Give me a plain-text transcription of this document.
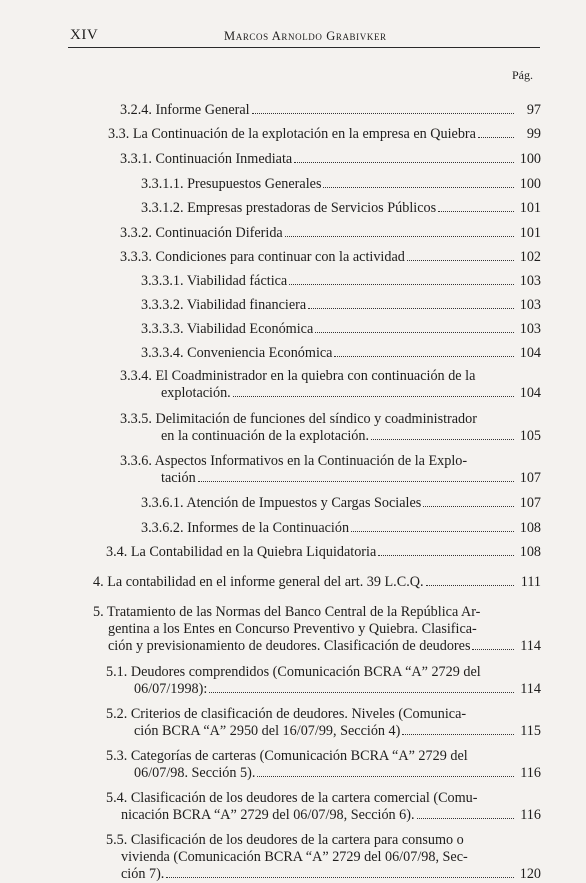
XIV	Marcos Arnoldo Grabivker
Pág.
3.2.4. Informe General	97
3.3. La Continuación de la explotación en la empresa en Quiebra	99
3.3.1. Continuación Inmediata	100
3.3.1.1. Presupuestos Generales	100
3.3.1.2. Empresas prestadoras de Servicios Públicos	101
3.3.2. Continuación Diferida	101
3.3.3. Condiciones para continuar con la actividad	102
3.3.3.1. Viabilidad fáctica	103
3.3.3.2. Viabilidad financiera	103
3.3.3.3. Viabilidad Económica	103
3.3.3.4. Conveniencia Económica	104
3.3.4. El Coadministrador en la quiebra con continuación de la
explotación.	104
3.3.5. Delimitación de funciones del síndico y coadministrador
en la continuación de la explotación.	105
3.3.6. Aspectos Informativos en la Continuación de la Explo-
tación	107
3.3.6.1. Atención de Impuestos y Cargas Sociales	107
3.3.6.2. Informes de la Continuación	108
3.4. La Contabilidad en la Quiebra Liquidatoria	108
4. La contabilidad en el informe general del art. 39 L.C.Q.	111
5. Tratamiento de las Normas del Banco Central de la República Ar-
gentina a los Entes en Concurso Preventivo y Quiebra. Clasifica-
ción y previsionamiento de deudores. Clasificación de deudores	114
5.1. Deudores comprendidos (Comunicación BCRA “A” 2729 del
06/07/1998):	114
5.2. Criterios de clasificación de deudores. Niveles (Comunica-
ción BCRA “A” 2950 del 16/07/99, Sección 4)	115
5.3. Categorías de carteras (Comunicación BCRA “A” 2729 del
06/07/98. Sección 5).	116
5.4. Clasificación de los deudores de la cartera comercial (Comu-
nicación BCRA “A” 2729 del 06/07/98, Sección 6).	116
5.5. Clasificación de los deudores de la cartera para consumo o
vivienda (Comunicación BCRA “A” 2729 del 06/07/98, Sec-
ción 7).	120
